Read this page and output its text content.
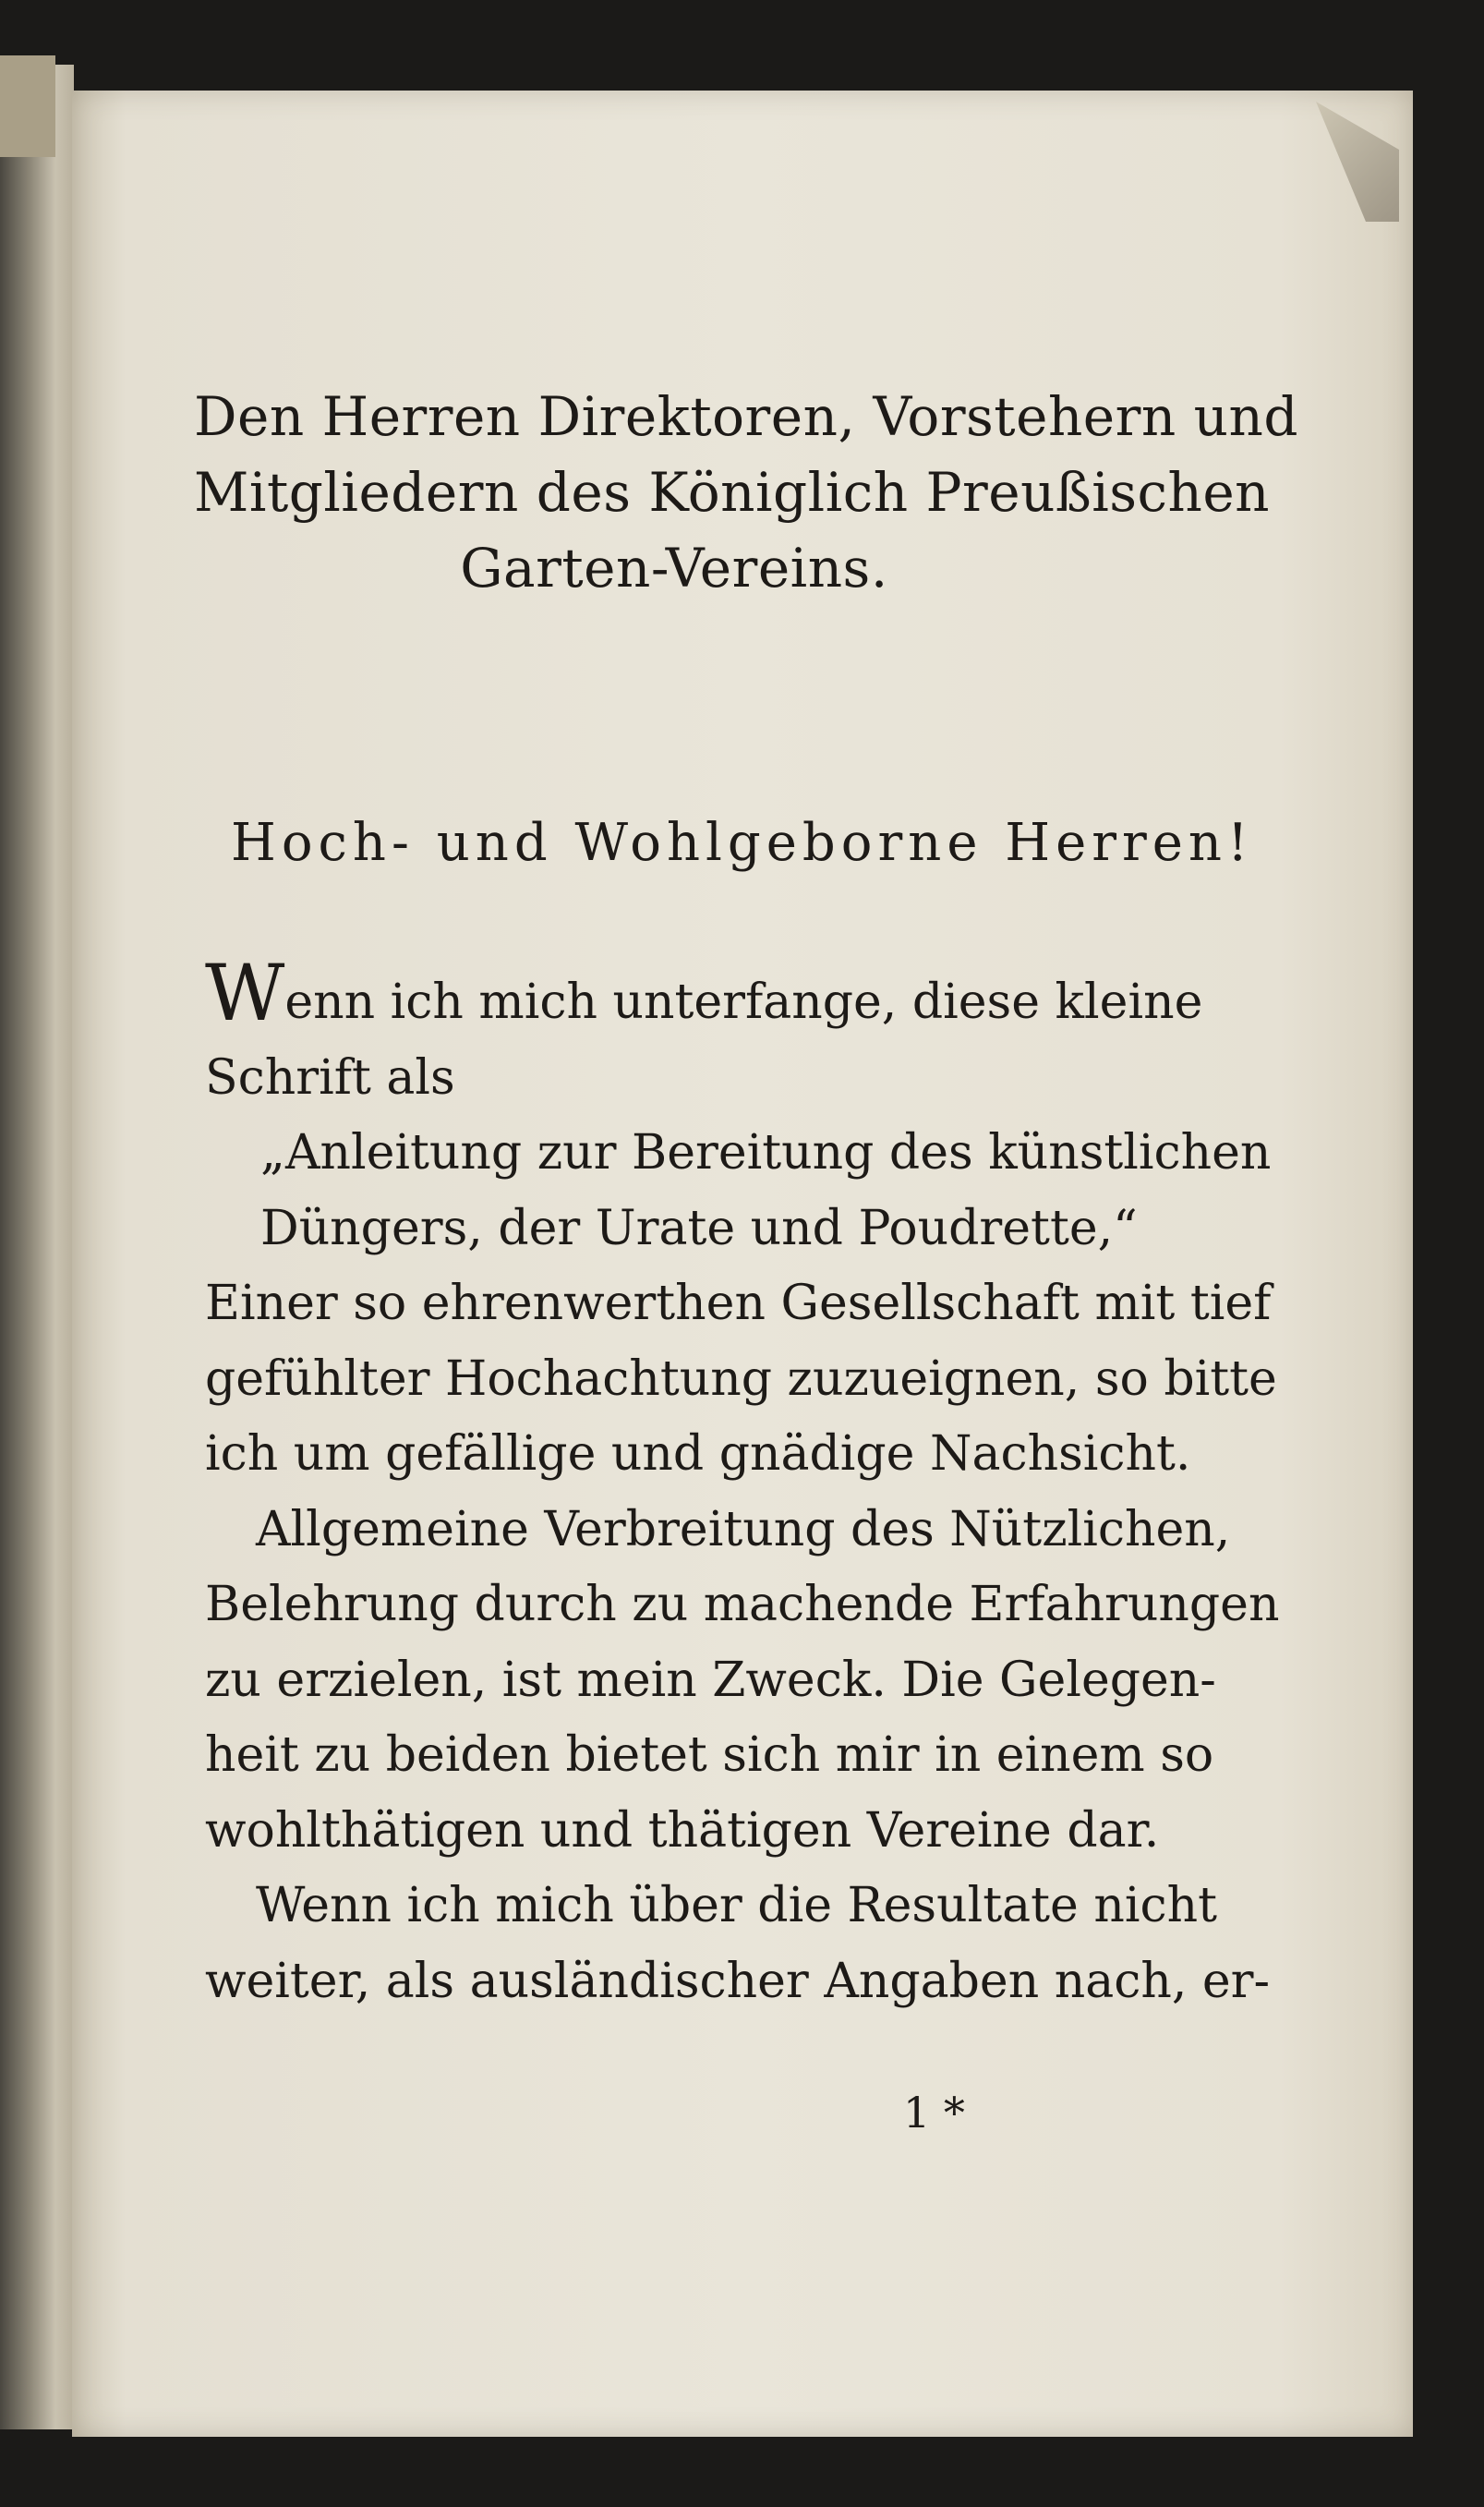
Den Herren Direktoren, Vorstehern und
Mitgliedern des Königlich Preußischen
Garten-Vereins.
Hoch- und Wohlgeborne Herren!
W enn ich mich unterfange, diese kleine
Schrift als
„Anleitung zur Bereitung des künstlichen
Düngers, der Urate und Poudrette,“
Einer so ehrenwerthen Gesellschaft mit tief
gefühlter Hochachtung zuzueignen, so bitte
ich um gefällige und gnädige Nachsicht.
Allgemeine Verbreitung des Nützlichen,
Belehrung durch zu machende Erfahrungen
zu erzielen, ist mein Zweck. Die Gelegen-
heit zu beiden bietet sich mir in einem so
wohlthätigen und thätigen Vereine dar.
Wenn ich mich über die Resultate nicht
weiter, als ausländischer Angaben nach, er-
1 *
